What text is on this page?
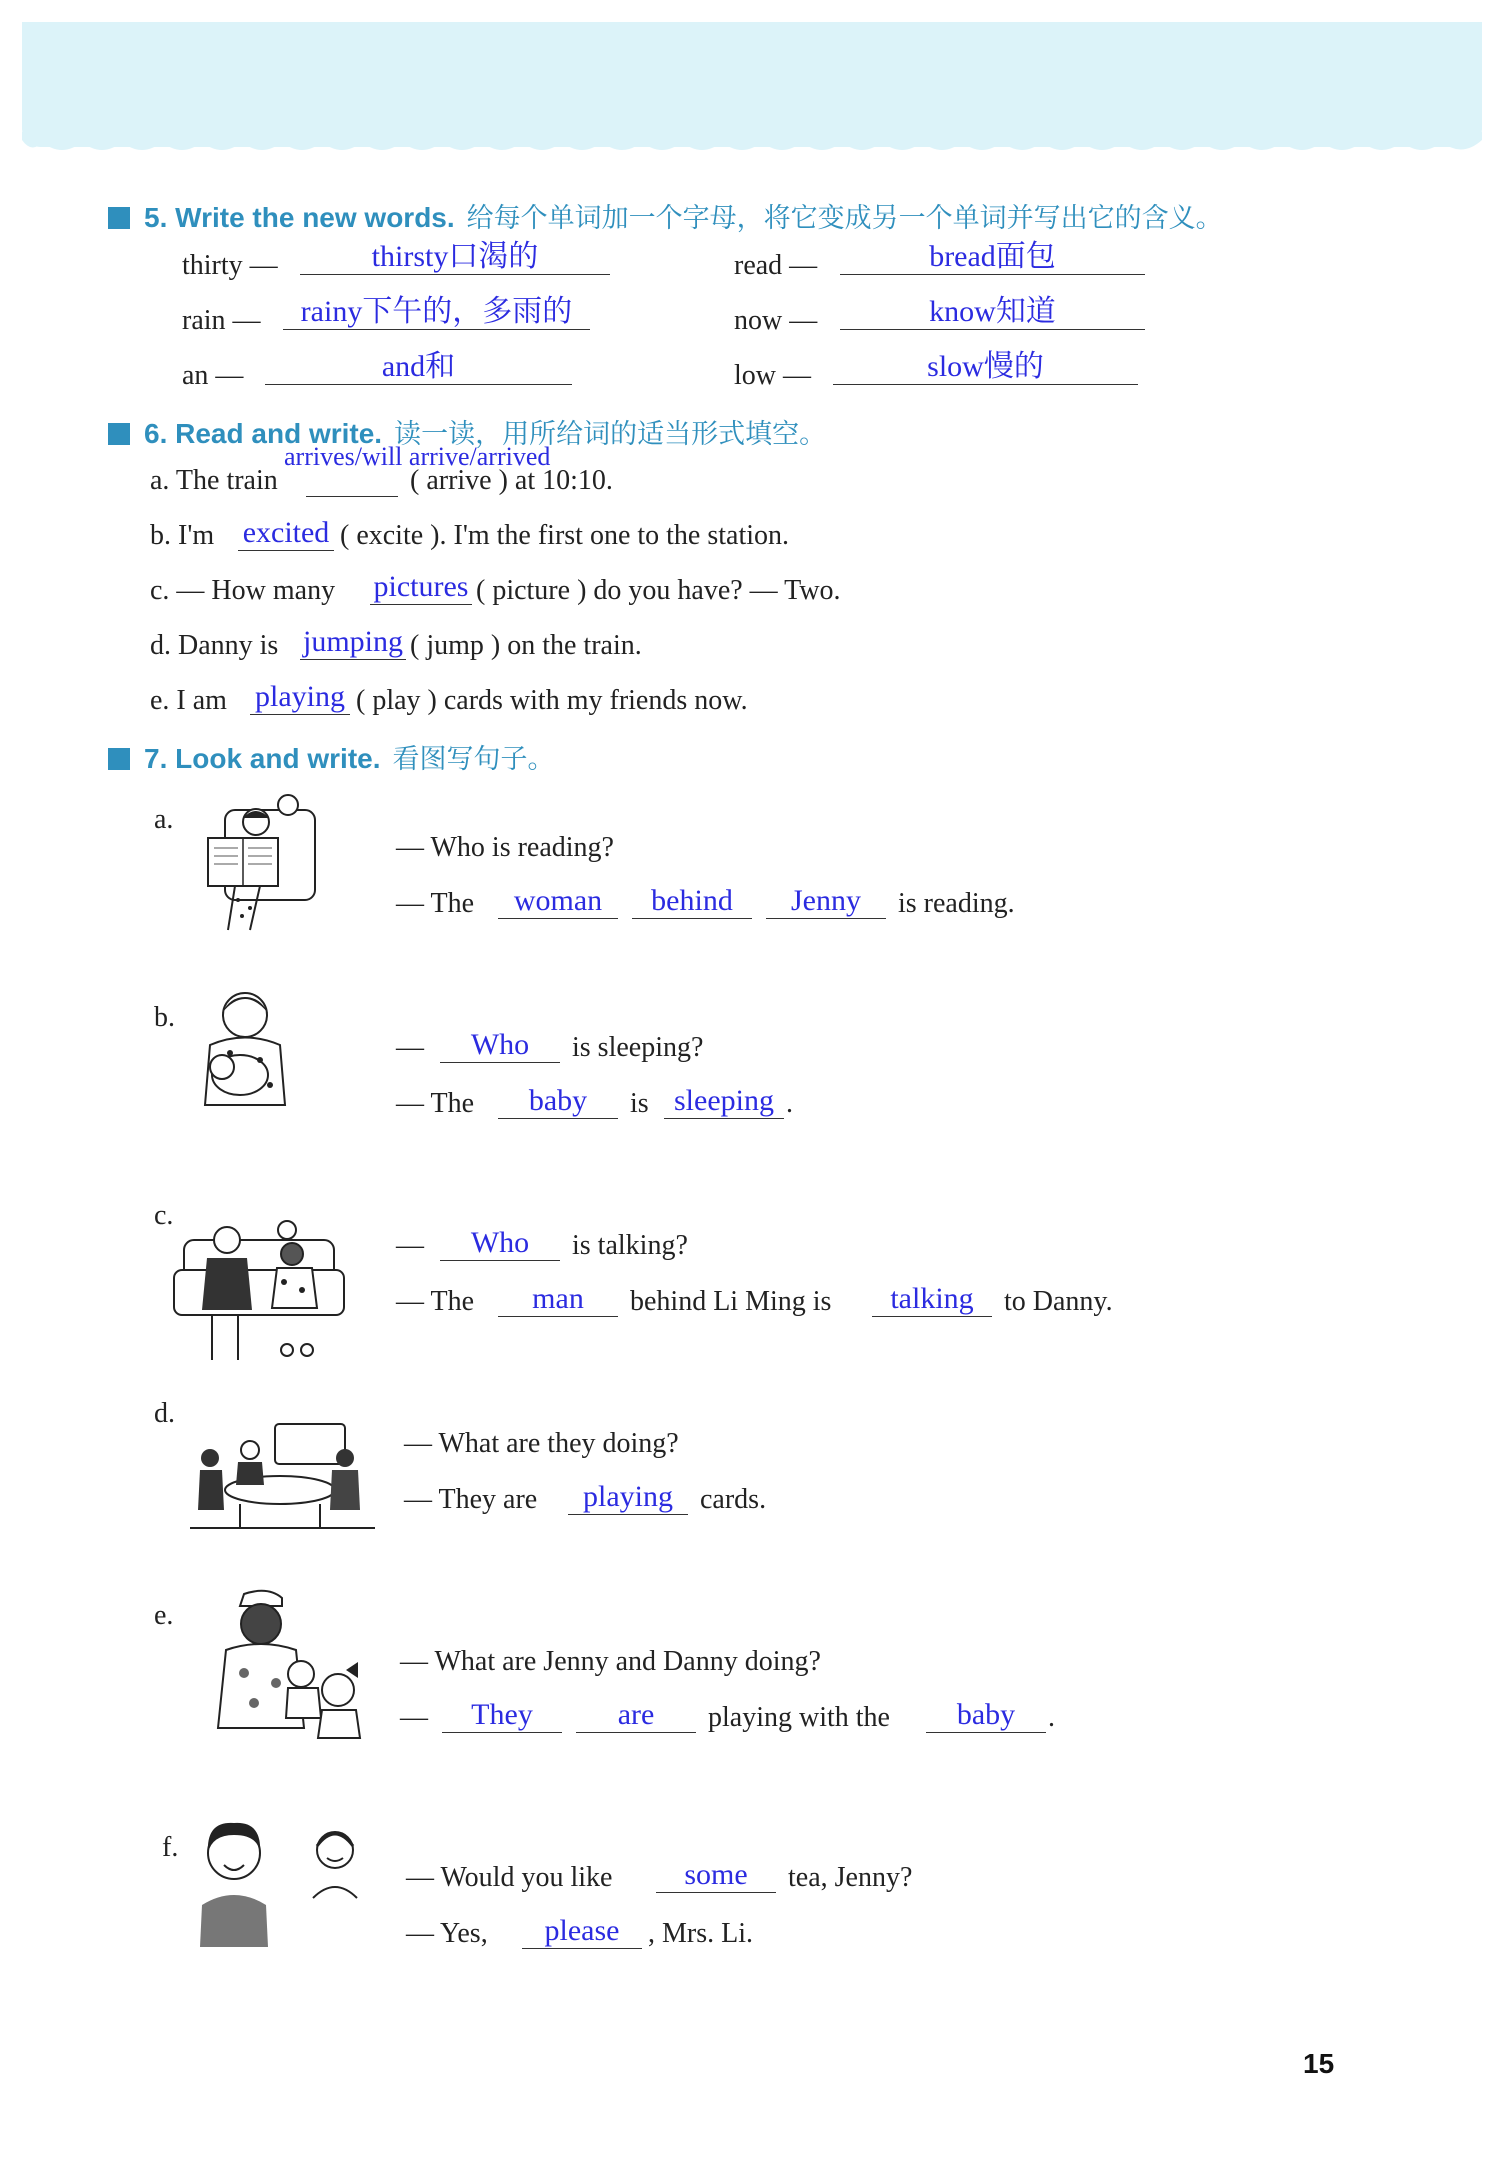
5. Write the new words. 给每个单词加一个字母，将它变成另一个单词并写出它的含义。
thirty —	thirsty口渴的	read —	bread面包
rain —	rainy下午的，多雨的	now —	know知道
an —	and和	low —	slow慢的
6. Read and write. 读一读，用所给词的适当形式填空。
a. The train
arrives/will arrive/arrived
( arrive ) at 10:10.
b. I'm excited ( excite ). I'm the first one to the station.
c. — How many pictures ( picture ) do you have? — Two.
d. Danny is jumping ( jump ) on the train.
e. I am playing ( play ) cards with my friends now.
7. Look and write. 看图写句子。
a.
— Who is reading?
— The	woman	behind	Jenny	is reading.
b.
—	Who	is sleeping?
— The	baby	is sleeping .
c.
—	Who	is talking?
— The	man	behind Li Ming is	talking	to Danny.
d.
— What are they doing?
— They are	playing cards.
e.
— What are Jenny and Danny doing?
—	They	are	playing with the	baby	.
f.
— Would you like	some	tea, Jenny?
— Yes,	please	, Mrs. Li.
15
